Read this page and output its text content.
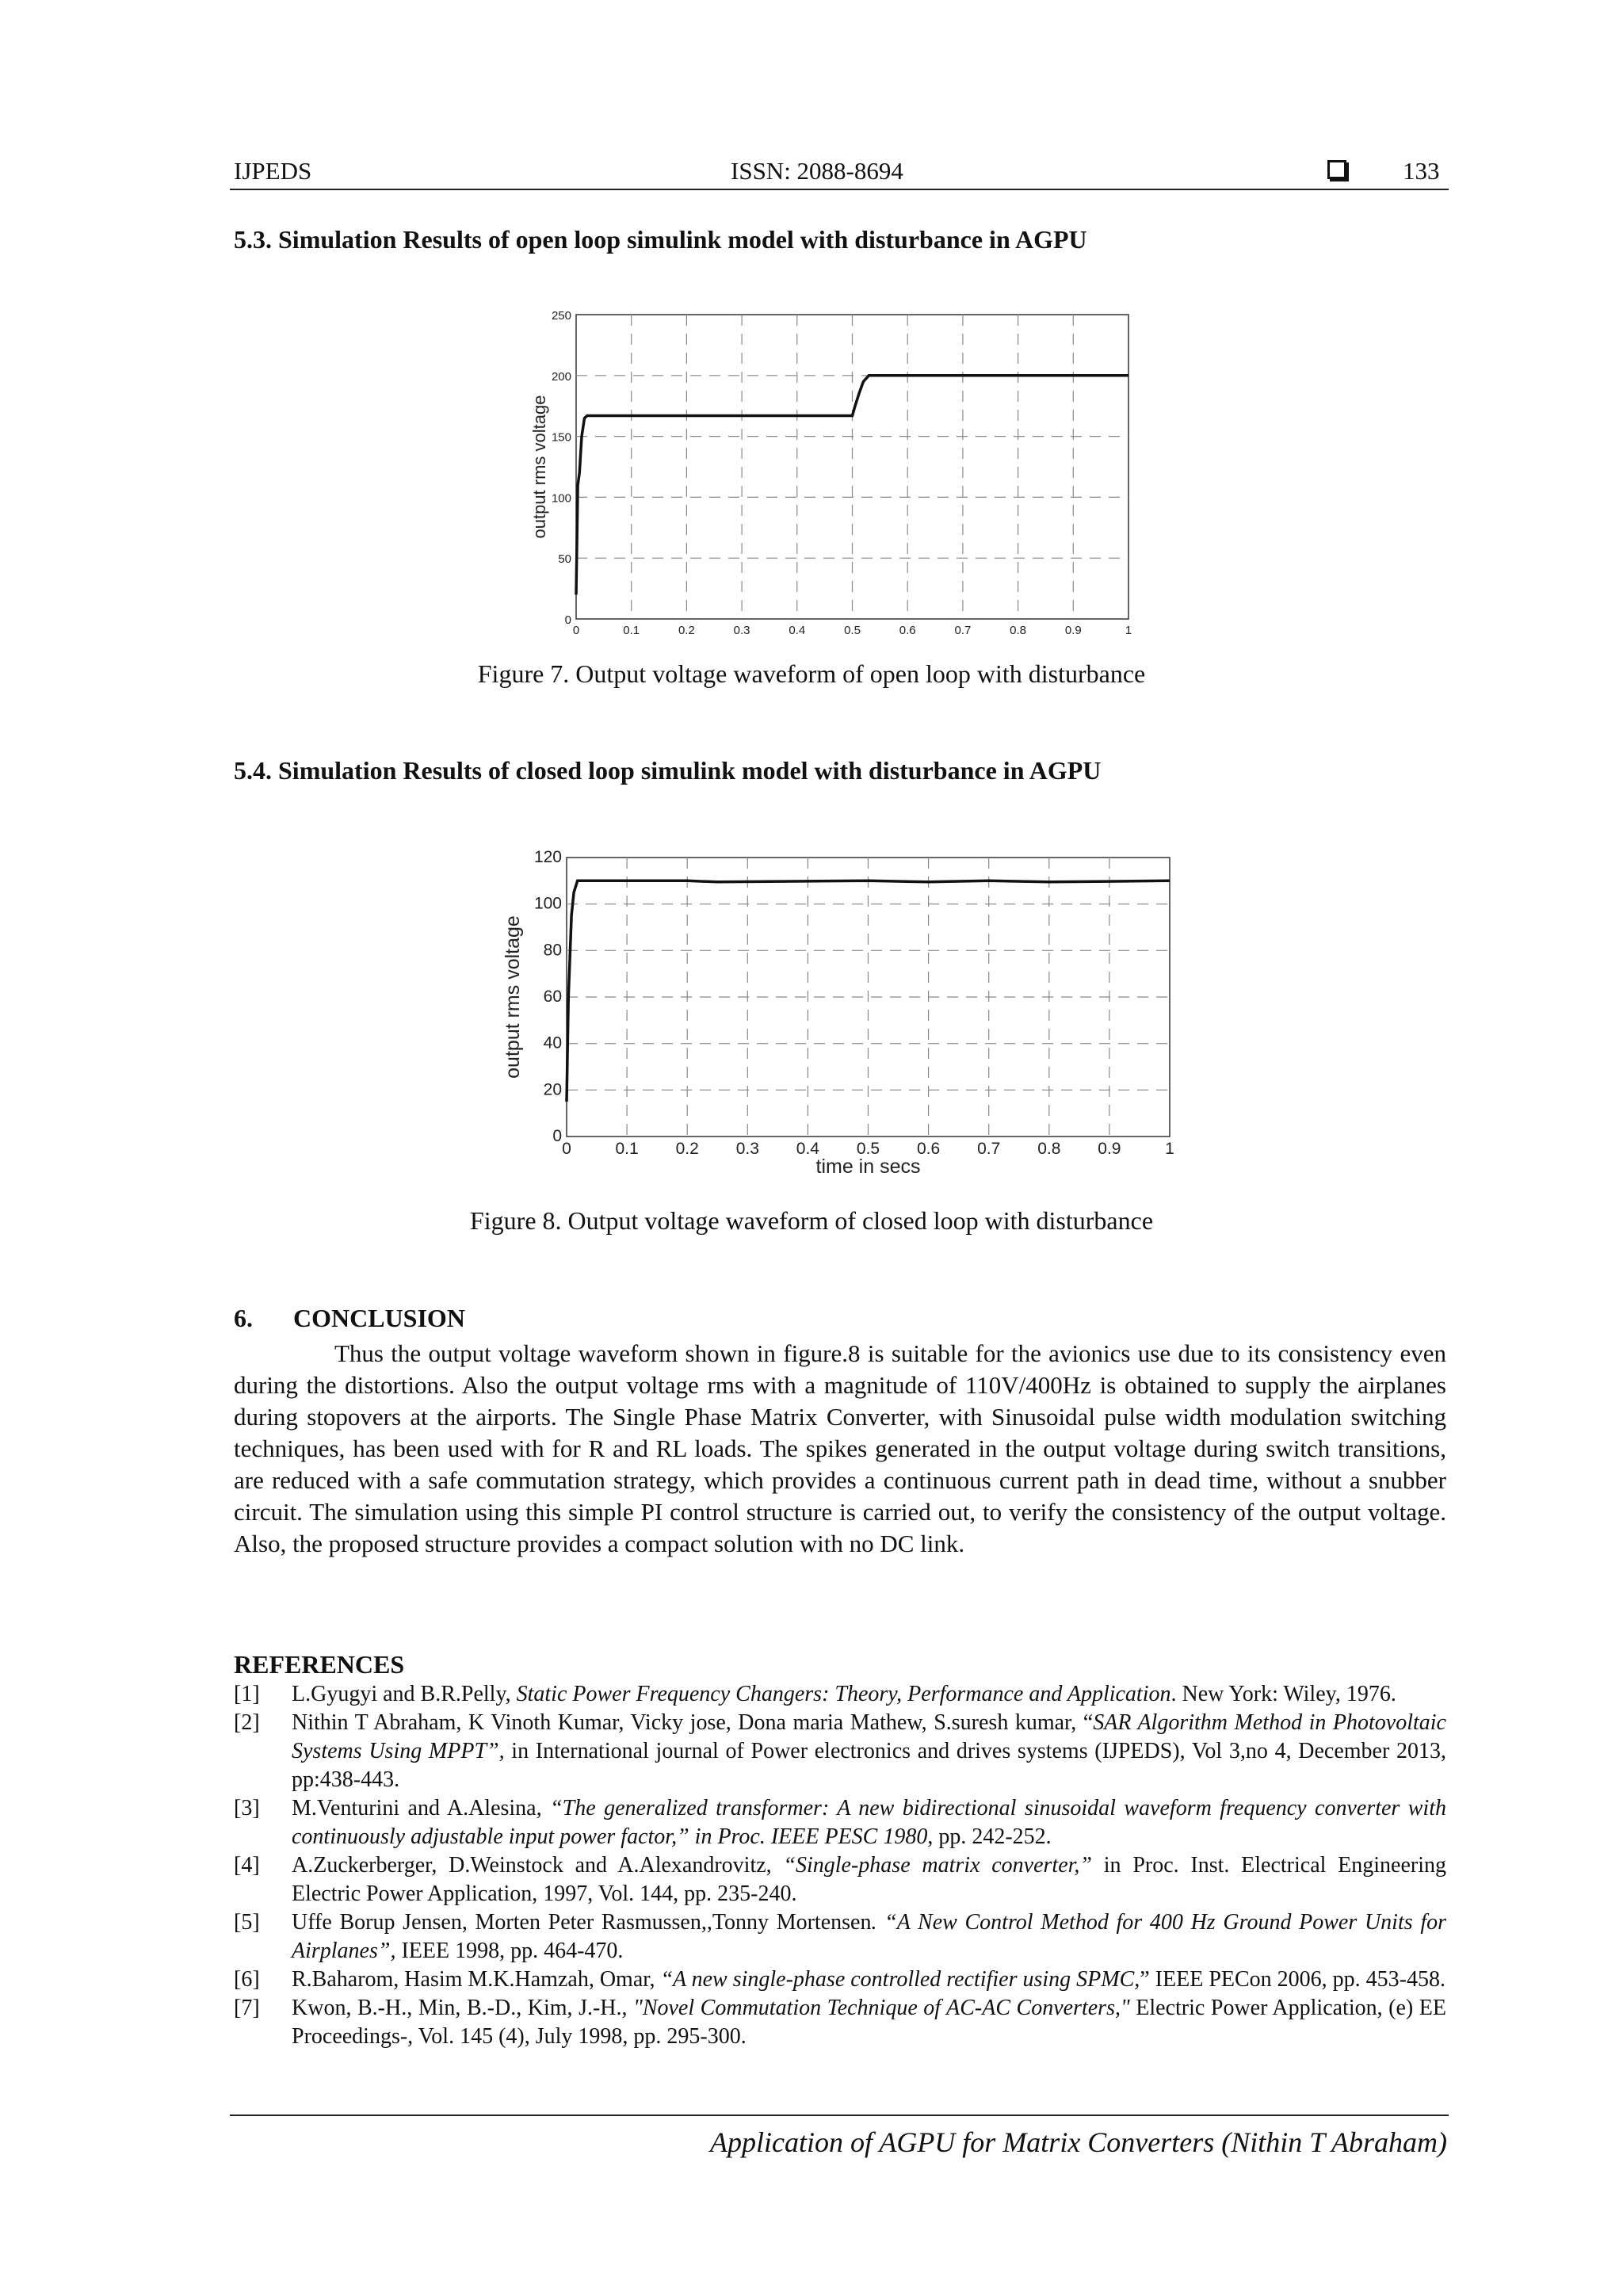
IJPEDS	ISSN: 2088-8694	133
5.3. Simulation Results of open loop simulink model with disturbance in AGPU
0	0.1	0.2	0.3	0.4	0.5	0.6	0.7	0.8	0.9	1
0
50
100
150
200
250
output rms voltage
Figure 7. Output voltage waveform of open loop with disturbance
5.4. Simulation Results of closed loop simulink model with disturbance in AGPU
0	0.1 0.2 0.3 0.4 0.5 0.6 0.7 0.8 0.9	1
0
20
40
60
80
100
120
output rms voltage
time in secs
Figure 8. Output voltage waveform of closed loop with disturbance
6. CONCLUSION
Thus the output voltage waveform shown in figure.8 is suitable for the avionics use due to its consistency even during the distortions. Also the output voltage rms with a magnitude of 110V/400Hz is obtained to supply the airplanes during stopovers at the airports. The Single Phase Matrix Converter, with Sinusoidal pulse width modulation switching techniques, has been used with for R and RL loads. The spikes generated in the output voltage during switch transitions, are reduced with a safe commutation strategy, which provides a continuous current path in dead time, without a snubber circuit. The simulation using this simple PI control structure is carried out, to verify the consistency of the output voltage. Also, the proposed structure provides a compact solution with no DC link.
REFERENCES
[1] L.Gyugyi and B.R.Pelly, Static Power Frequency Changers: Theory, Performance and Application. New York: Wiley, 1976.
[2] Nithin T Abraham, K Vinoth Kumar, Vicky jose, Dona maria Mathew, S.suresh kumar, “SAR Algorithm Method in Photovoltaic Systems Using MPPT”, in International journal of Power electronics and drives systems (IJPEDS), Vol 3,no 4, December 2013, pp:438-443.
[3] M.Venturini and A.Alesina, “The generalized transformer: A new bidirectional sinusoidal waveform frequency converter with continuously adjustable input power factor,” in Proc. IEEE PESC 1980, pp. 242-252.
[4] A.Zuckerberger, D.Weinstock and A.Alexandrovitz, “Single-phase matrix converter,” in Proc. Inst. Electrical Engineering Electric Power Application, 1997, Vol. 144, pp. 235-240.
[5] Uffe Borup Jensen, Morten Peter Rasmussen,,Tonny Mortensen. “A New Control Method for 400 Hz Ground Power Units for Airplanes”, IEEE 1998, pp. 464-470.
[6] R.Baharom, Hasim M.K.Hamzah, Omar, “A new single-phase controlled rectifier using SPMC,” IEEE PECon 2006, pp. 453-458.
[7] Kwon, B.-H., Min, B.-D., Kim, J.-H., "Novel Commutation Technique of AC-AC Converters," Electric Power Application, (e) EE Proceedings-, Vol. 145 (4), July 1998, pp. 295-300.
Application of AGPU for Matrix Converters (Nithin T Abraham)
